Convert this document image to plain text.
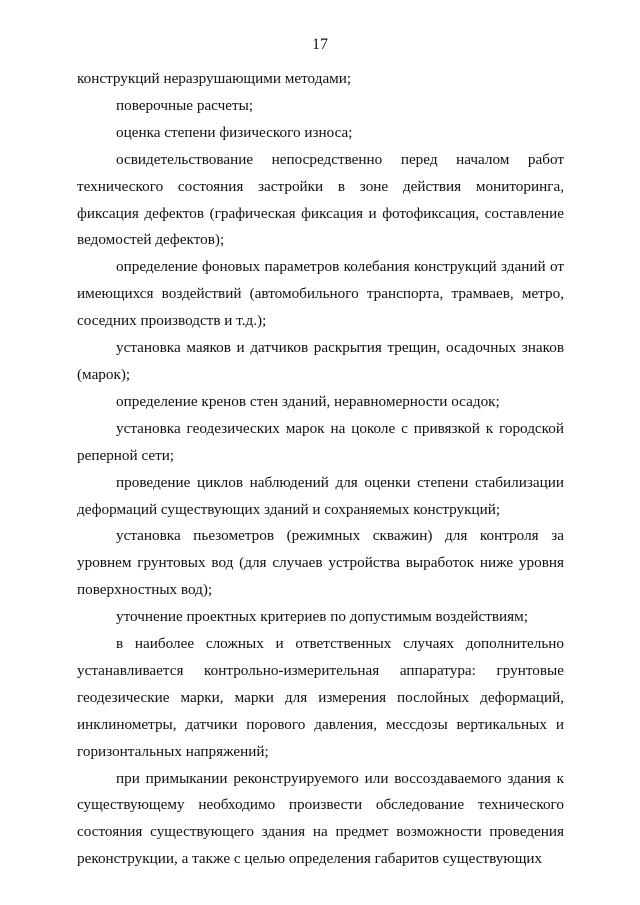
17

конструкций неразрушающими методами;

поверочные расчеты;

оценка степени физического износа;

освидетельствование непосредственно перед началом работ технического состояния застройки в зоне действия мониторинга, фиксация дефектов (графическая фиксация и фотофиксация, составление ведомостей дефектов);

определение фоновых параметров колебания конструкций зданий от имеющихся воздействий (автомобильного транспорта, трамваев, метро, соседних производств и т.д.);

установка маяков и датчиков раскрытия трещин, осадочных знаков (марок);

определение кренов стен зданий, неравномерности осадок;

установка геодезических марок на цоколе с привязкой к городской реперной сети;

проведение циклов наблюдений для оценки степени стабилизации деформаций существующих зданий и сохраняемых конструкций;

установка пьезометров (режимных скважин) для контроля за уровнем грунтовых вод (для случаев устройства выработок ниже уровня поверхностных вод);

уточнение проектных критериев по допустимым воздействиям;

в наиболее сложных и ответственных случаях дополнительно устанавливается контрольно-измерительная аппаратура: грунтовые геодезические марки, марки для измерения послойных деформаций, инклинометры, датчики порового давления, мессдозы вертикальных и горизонтальных напряжений;

при примыкании реконструируемого или воссоздаваемого здания к существующему необходимо произвести обследование технического состояния существующего здания на предмет возможности проведения реконструкции, а также с целью определения габаритов существующих
